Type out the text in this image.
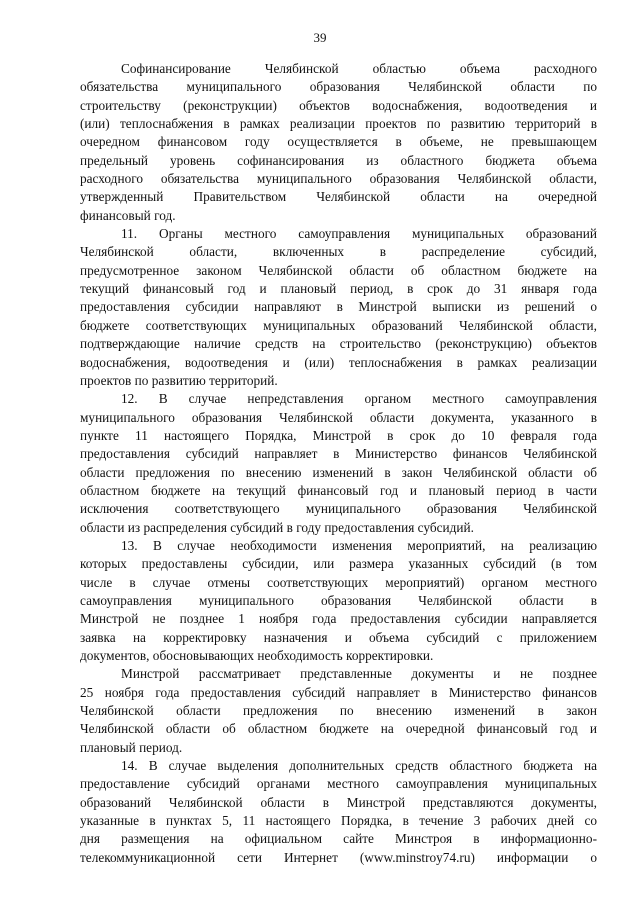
39
Софинансирование Челябинской областью объема расходного
обязательства муниципального образования Челябинской области по
строительству (реконструкции) объектов водоснабжения, водоотведения и
(или) теплоснабжения в рамках реализации проектов по развитию территорий в
очередном финансовом году осуществляется в объеме, не превышающем
предельный уровень софинансирования из областного бюджета объема
расходного обязательства муниципального образования Челябинской области,
утвержденный Правительством Челябинской области на очередной
финансовый год.
11. Органы местного самоуправления муниципальных образований
Челябинской области, включенных в распределение субсидий,
предусмотренное законом Челябинской области об областном бюджете на
текущий финансовый год и плановый период, в срок до 31 января года
предоставления субсидии направляют в Минстрой выписки из решений о
бюджете соответствующих муниципальных образований Челябинской области,
подтверждающие наличие средств на строительство (реконструкцию) объектов
водоснабжения, водоотведения и (или) теплоснабжения в рамках реализации
проектов по развитию территорий.
12. В случае непредставления органом местного самоуправления
муниципального образования Челябинской области документа, указанного в
пункте 11 настоящего Порядка, Минстрой в срок до 10 февраля года
предоставления субсидий направляет в Министерство финансов Челябинской
области предложения по внесению изменений в закон Челябинской области об
областном бюджете на текущий финансовый год и плановый период в части
исключения соответствующего муниципального образования Челябинской
области из распределения субсидий в году предоставления субсидий.
13. В случае необходимости изменения мероприятий, на реализацию
которых предоставлены субсидии, или размера указанных субсидий (в том
числе в случае отмены соответствующих мероприятий) органом местного
самоуправления муниципального образования Челябинской области в
Минстрой не позднее 1 ноября года предоставления субсидии направляется
заявка на корректировку назначения и объема субсидий с приложением
документов, обосновывающих необходимость корректировки.
Минстрой рассматривает представленные документы и не позднее
25 ноября года предоставления субсидий направляет в Министерство финансов
Челябинской области предложения по внесению изменений в закон
Челябинской области об областном бюджете на очередной финансовый год и
плановый период.
14. В случае выделения дополнительных средств областного бюджета на
предоставление субсидий органами местного самоуправления муниципальных
образований Челябинской области в Минстрой представляются документы,
указанные в пунктах 5, 11 настоящего Порядка, в течение 3 рабочих дней со
дня размещения на официальном сайте Минстроя в информационно-
телекоммуникационной сети Интернет (www.minstroy74.ru) информации о
